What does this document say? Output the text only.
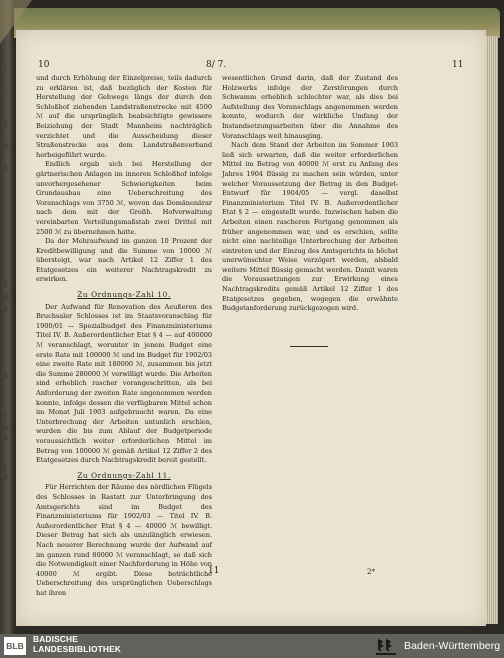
,
.
r
e
s
r
d
r
s
t
e
s
t
r
10	8/ 7.	11

und durch Erhöhung der Einzelpreise, teils dadurch zu erklären ist, daß bezüglich der Kosten für Herstellung der Gehwege längs der durch den Schloßhof ziehenden Landstraßenstrecke mit 4500 ℳ auf die ursprünglich beabsichtigte gewissere Beiziehung der Stadt Mannheim nachträglich verzichtet und die Ausscheidung dieser Straßenstrecke aus dem Landstraßenverband herbeigeführt wurde.

Endlich ergab sich bei Herstellung der gärtnerischen Anlagen im inneren Schloßhof infolge unvorhergesehener Schwierigkeiten beim Grundausbau eine Ueberschreitung des Voranschlags von 3750 ℳ, wovon das Domänenärar nach dem mit der Großh. Hofverwaltung vereinbarten Verteilungsmaßstab zwei Drittel mit 2500 ℳ zu übernehmen hatte.

Da der Mehraufwand im ganzen 10 Prozent der Kreditbewilligung und die Summe von 10000 ℳ übersteigt, war nach Artikel 12 Ziffer 1 des Etatgesetzes ein weiterer Nachtragskredit zu erwirken.

Zu Ordnungs-Zahl 10.

Der Aufwand für Renovation des Aeußeren des Bruchsaler Schlosses ist im Staatsvoranschlag für 1900/01 — Spezialbudget des Finanzministeriums Titel IV. B. Außerordentlicher Etat § 4 — auf 400000 ℳ veranschlagt, worunter in jenem Budget eine erste Rate mit 100000 ℳ und im Budget für 1902/03 eine zweite Rate mit 180000 ℳ, zusammen bis jetzt die Summe 280000 ℳ verwilligt wurde. Die Arbeiten sind erheblich rascher vorangeschritten, als bei Anforderung der zweiten Rate angenommen werden konnte, infolge dessen die verfügbaren Mittel schon im Monat Juli 1903 aufgebraucht waren. Da eine Unterbrechung der Arbeiten untunlich erschien, wurden die bis zum Ablauf der Budgetperiode voraussichtlich weiter erforderlichen Mittel im Betrag von 100000 ℳ gemäß Artikel 12 Ziffer 2 des Etatgesetzes durch Nachtragskredit bereit gestellt.

Zu Ordnungs-Zahl 11.

Für Herrichten der Räume des nördlichen Flügels des Schlosses in Rastatt zur Unterbringung des Amtsgerichts sind im Budget des Finanzministeriums für 1902/03 — Titel IV. B. Außerordentlicher Etat § 4 — 40000 ℳ bewilligt. Dieser Betrag hat sich als unzulänglich erwiesen. Nach neuerer Berechnung wurde der Aufwand auf im ganzen rund 80000 ℳ veranschlagt, so daß sich die Notwendigkeit einer Nachforderung in Höhe von 40000 ℳ ergibt. Diese beträchtliche Ueberschreitung des ursprünglichen Ueberschlags hat ihren

wesentlichen Grund darin, daß der Zustand des Holzwerks infolge der Zerstörungen durch Schwamm erheblich schlechter war, als dies bei Aufstellung des Voranschlags angenommen werden konnte, wodurch der wirkliche Umfang der Instandsetzungsarbeiten über die Annahme des Voranschlags weit hinausging.

Nach dem Stand der Arbeiten im Sommer 1903 ließ sich erwarten, daß die weiter erforderlichen Mittel im Betrag von 40000 ℳ erst zu Anfang des Jahres 1904 flüssig zu machen sein würden, unter welcher Voraussetzung der Betrag in den Budget-Entwurf für 1904/05 — vergl. daselbst Finanzministerium Titel IV. B. Außerordentlicher Etat § 2 — eingestellt wurde. Inzwischen haben die Arbeiten einen rascheren Fortgang genommen als früher angenommen war, und es erschien, sollte nicht eine nachteilige Unterbrechung der Arbeiten eintreten und der Einzug des Amtsgerichts in höchst unerwünschter Weise verzögert werden, alsbald weitere Mittel flüssig gemacht werden. Damit waren die Voraussetzungen zur Erwirkung eines Nachtragskredits gemäß Artikel 12 Ziffer 1 des Etatgesetzes gegeben, wogegen die erwähnte Budgetanforderung zurückgezogen wird.

11	2*
BLB
BADISCHE
LANDESBIBLIOTHEK	Baden-Württemberg
